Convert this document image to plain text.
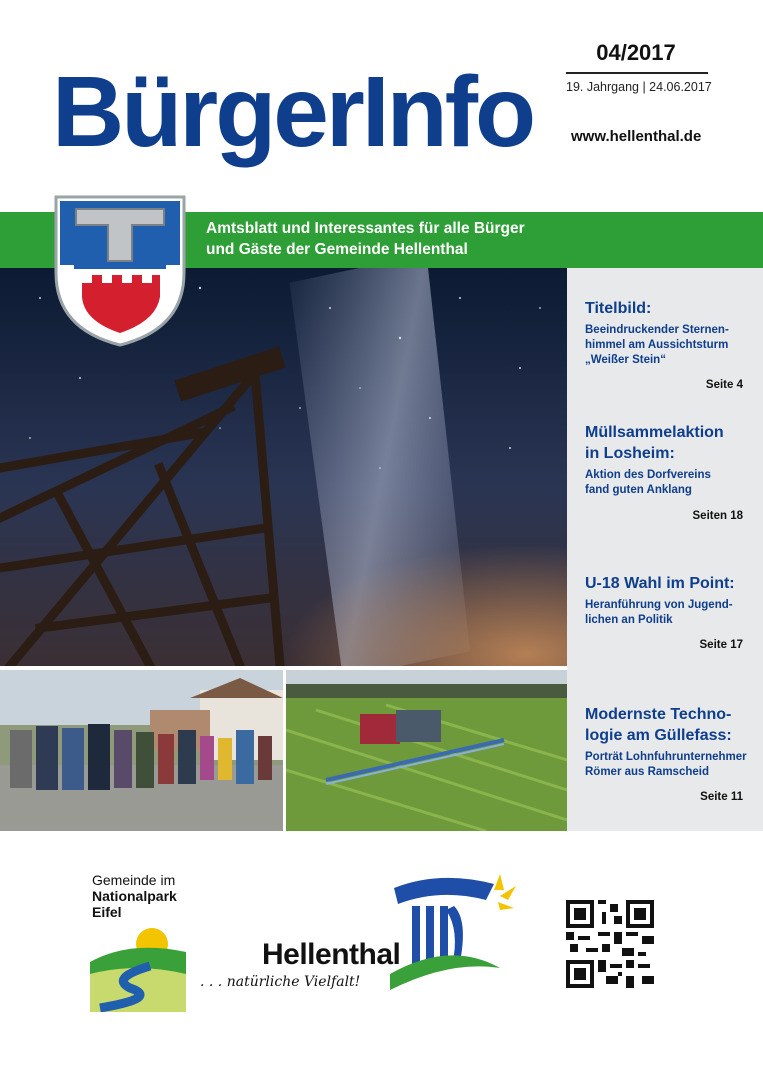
BürgerInfo
04/2017
19. Jahrgang | 24.06.2017
www.hellenthal.de
Amtsblatt und Interessantes für alle Bürger
und Gäste der Gemeinde Hellenthal
Titelbild:
Beeindruckender Sternen-
himmel am Aussichtsturm
„Weißer Stein“
Seite 4
Müllsammelaktion
in Losheim:
Aktion des Dorfvereins
fand guten Anklang
Seiten 18
U-18 Wahl im Point:
Heranführung von Jugend-
lichen an Politik
Seite 17
Modernste Techno-
logie am Güllefass:
Porträt Lohnfuhrunternehmer
Römer aus Ramscheid
Seite 11
Gemeinde im
Nationalpark
Eifel
Hellenthal
. . . natürliche Vielfalt!
